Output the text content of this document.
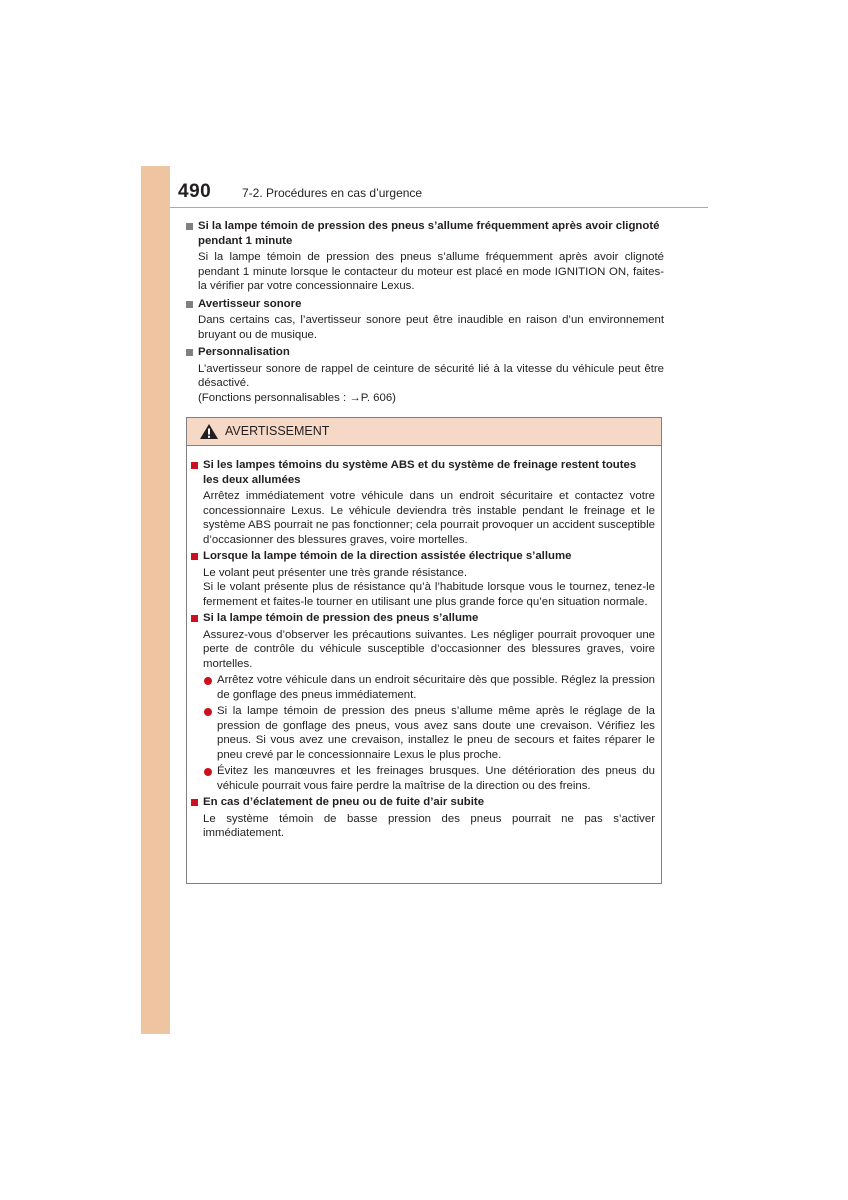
490	7-2. Procédures en cas d’urgence
Si la lampe témoin de pression des pneus s’allume fréquemment après avoir clignoté
pendant 1 minute
Si la lampe témoin de pression des pneus s’allume fréquemment après avoir clignoté pendant 1 minute lorsque le contacteur du moteur est placé en mode IGNITION ON, faites-la vérifier par votre concessionnaire Lexus.
Avertisseur sonore
Dans certains cas, l’avertisseur sonore peut être inaudible en raison d’un environnement bruyant ou de musique.
Personnalisation
L’avertisseur sonore de rappel de ceinture de sécurité lié à la vitesse du véhicule peut être désactivé.
(Fonctions personnalisables : →P. 606)
AVERTISSEMENT
Si les lampes témoins du système ABS et du système de freinage restent toutes les deux allumées
Arrêtez immédiatement votre véhicule dans un endroit sécuritaire et contactez votre concessionnaire Lexus. Le véhicule deviendra très instable pendant le freinage et le système ABS pourrait ne pas fonctionner; cela pourrait provoquer un accident susceptible d’occasionner des blessures graves, voire mortelles.
Lorsque la lampe témoin de la direction assistée électrique s’allume
Le volant peut présenter une très grande résistance.
Si le volant présente plus de résistance qu’à l’habitude lorsque vous le tournez, tenez-le fermement et faites-le tourner en utilisant une plus grande force qu’en situation normale.
Si la lampe témoin de pression des pneus s’allume
Assurez-vous d’observer les précautions suivantes. Les négliger pourrait provoquer une perte de contrôle du véhicule susceptible d’occasionner des blessures graves, voire mortelles.
Arrêtez votre véhicule dans un endroit sécuritaire dès que possible. Réglez la pression de gonflage des pneus immédiatement.
Si la lampe témoin de pression des pneus s’allume même après le réglage de la pression de gonflage des pneus, vous avez sans doute une crevaison. Vérifiez les pneus. Si vous avez une crevaison, installez le pneu de secours et faites réparer le pneu crevé par le concessionnaire Lexus le plus proche.
Évitez les manœuvres et les freinages brusques. Une détérioration des pneus du véhicule pourrait vous faire perdre la maîtrise de la direction ou des freins.
En cas d’éclatement de pneu ou de fuite d’air subite
Le système témoin de basse pression des pneus pourrait ne pas s’activer immédiatement.
